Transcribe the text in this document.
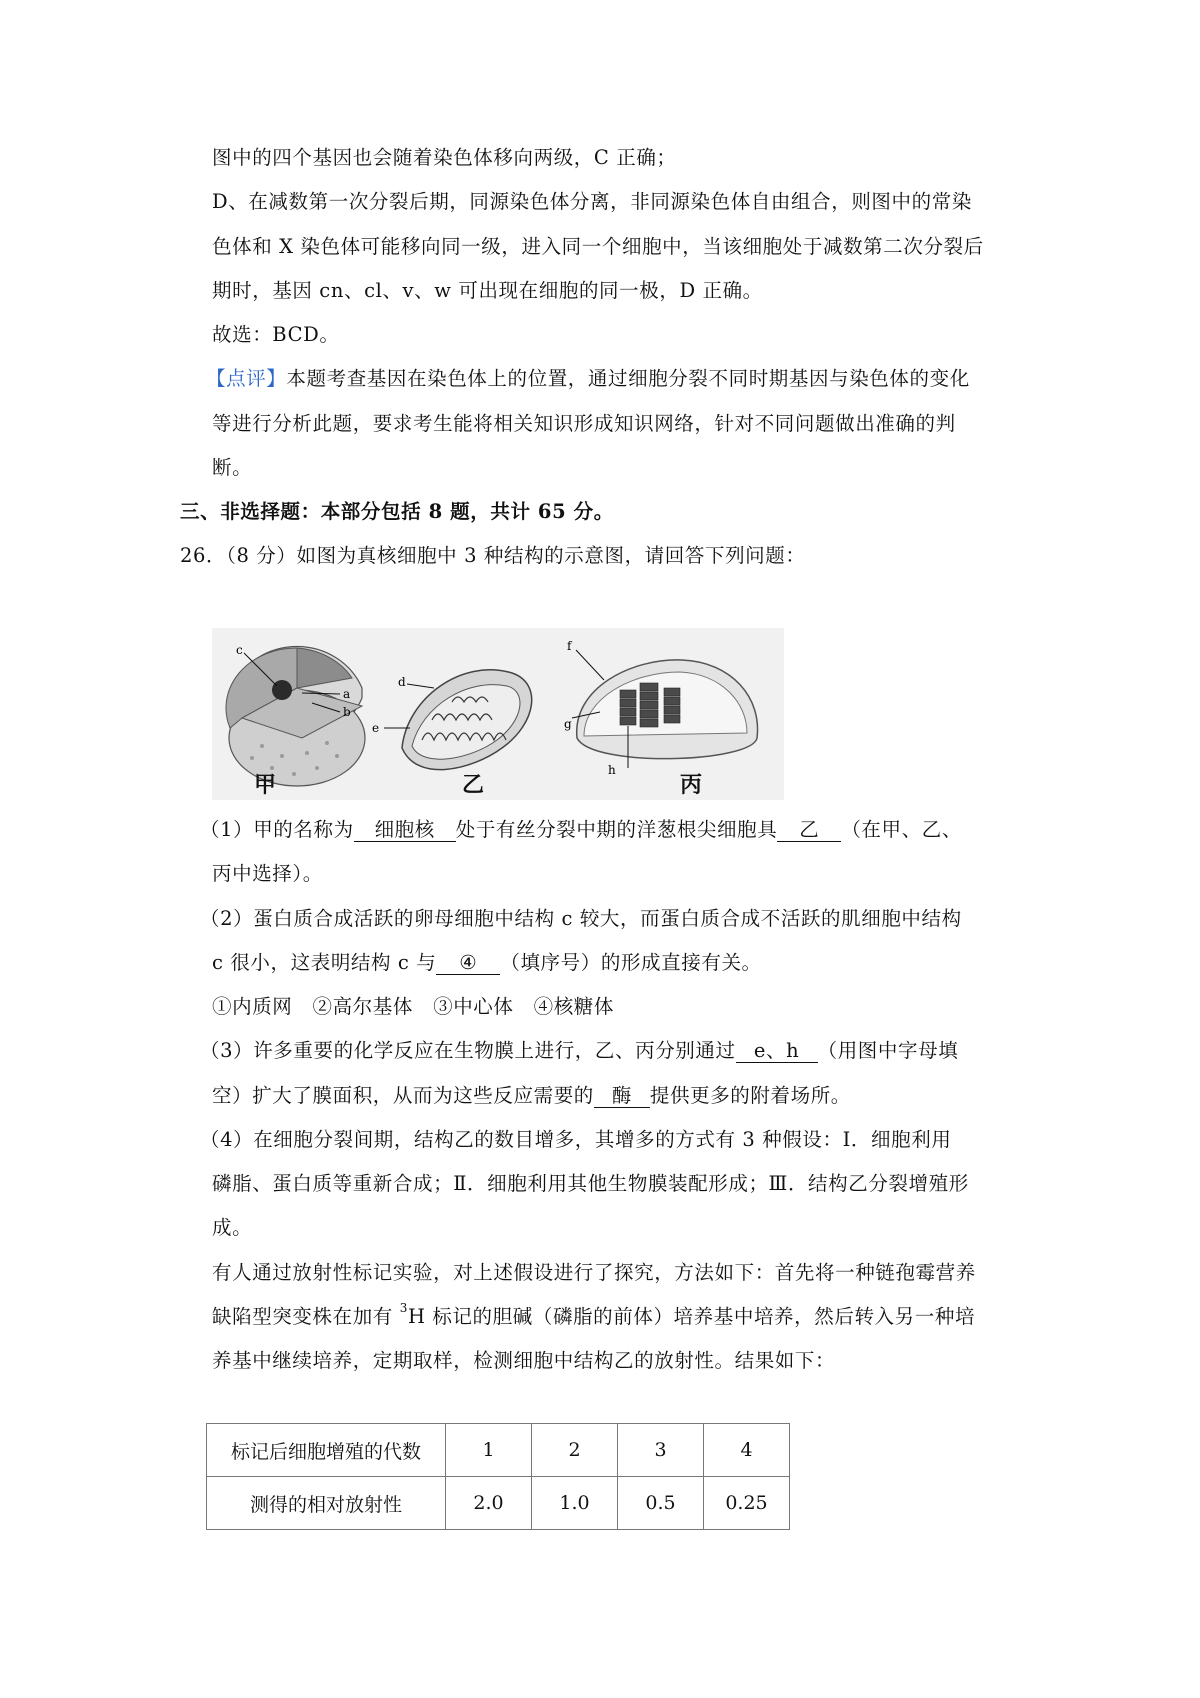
图中的四个基因也会随着染色体移向两级，C 正确；
D、在减数第一次分裂后期，同源染色体分离，非同源染色体自由组合，则图中的常染
色体和 X 染色体可能移向同一级，进入同一个细胞中，当该细胞处于减数第二次分裂后
期时，基因 cn、cl、v、w 可出现在细胞的同一极，D 正确。
故选：BCD。
【点评】本题考查基因在染色体上的位置，通过细胞分裂不同时期基因与染色体的变化
等进行分析此题，要求考生能将相关知识形成知识网络，针对不同问题做出准确的判
断。
三、非选择题：本部分包括 8 题，共计 65 分。
26．（8 分）如图为真核细胞中 3 种结构的示意图，请回答下列问题：
c
a
b
d
e
f
g
h
甲	乙	丙
（1）甲的名称为 细胞核 处于有丝分裂中期的洋葱根尖细胞具 乙 （在甲、乙、
丙中选择）。
（2）蛋白质合成活跃的卵母细胞中结构 c 较大，而蛋白质合成不活跃的肌细胞中结构
c 很小，这表明结构 c 与 ④ （填序号）的形成直接有关。
①内质网　②高尔基体　③中心体　④核糖体
（3）许多重要的化学反应在生物膜上进行，乙、丙分别通过 e、h （用图中字母填
空）扩大了膜面积，从而为这些反应需要的 酶 提供更多的附着场所。
（4）在细胞分裂间期，结构乙的数目增多，其增多的方式有 3 种假设：Ⅰ．细胞利用
磷脂、蛋白质等重新合成；Ⅱ．细胞利用其他生物膜装配形成；Ⅲ．结构乙分裂增殖形
成。
有人通过放射性标记实验，对上述假设进行了探究，方法如下：首先将一种链孢霉营养
缺陷型突变株在加有 $^3$H 标记的胆碱（磷脂的前体）培养基中培养，然后转入另一种培
养基中继续培养，定期取样，检测细胞中结构乙的放射性。结果如下：
标记后细胞增殖的代数	1	2	3	4
测得的相对放射性	2.0	1.0	0.5	0.25
